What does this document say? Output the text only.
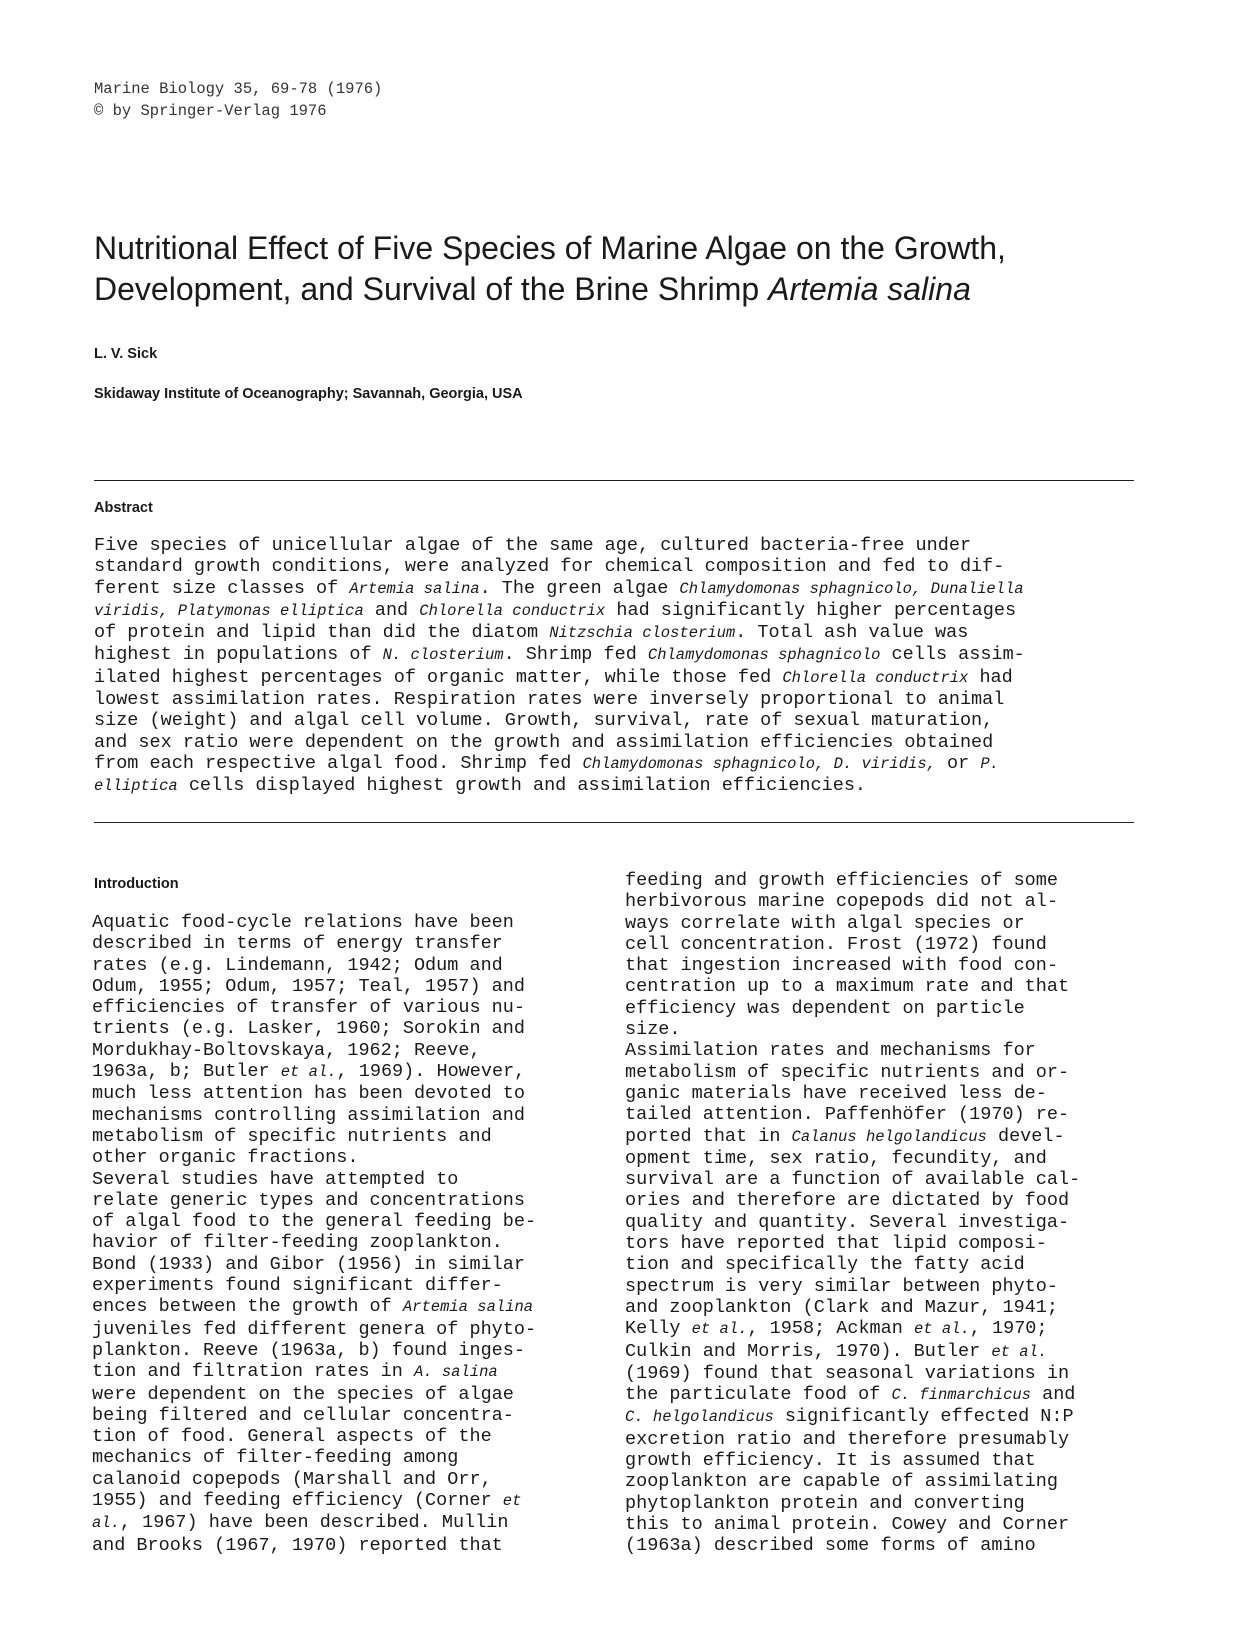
Marine Biology 35, 69-78 (1976)
© by Springer-Verlag 1976
Nutritional Effect of Five Species of Marine Algae on the Growth,
Development, and Survival of the Brine Shrimp Artemia salina
L. V. Sick
Skidaway Institute of Oceanography; Savannah, Georgia, USA
Abstract
Five species of unicellular algae of the same age, cultured bacteria-free under
standard growth conditions, were analyzed for chemical composition and fed to dif-
ferent size classes of Artemia salina. The green algae Chlamydomonas sphagnicolo, Dunaliella
viridis, Platymonas elliptica and Chlorella conductrix had significantly higher percentages
of protein and lipid than did the diatom Nitzschia closterium. Total ash value was
highest in populations of N. closterium. Shrimp fed Chlamydomonas sphagnicolo cells assim-
ilated highest percentages of organic matter, while those fed Chlorella conductrix had
lowest assimilation rates. Respiration rates were inversely proportional to animal
size (weight) and algal cell volume. Growth, survival, rate of sexual maturation,
and sex ratio were dependent on the growth and assimilation efficiencies obtained
from each respective algal food. Shrimp fed Chlamydomonas sphagnicolo, D. viridis, or P.
elliptica cells displayed highest growth and assimilation efficiencies.
Introduction
Aquatic food-cycle relations have been
described in terms of energy transfer
rates (e.g. Lindemann, 1942; Odum and
Odum, 1955; Odum, 1957; Teal, 1957) and
efficiencies of transfer of various nu-
trients (e.g. Lasker, 1960; Sorokin and
Mordukhay-Boltovskaya, 1962; Reeve,
1963a, b; Butler et al., 1969). However,
much less attention has been devoted to
mechanisms controlling assimilation and
metabolism of specific nutrients and
other organic fractions.
Several studies have attempted to
relate generic types and concentrations
of algal food to the general feeding be-
havior of filter-feeding zooplankton.
Bond (1933) and Gibor (1956) in similar
experiments found significant differ-
ences between the growth of Artemia salina
juveniles fed different genera of phyto-
plankton. Reeve (1963a, b) found inges-
tion and filtration rates in A. salina
were dependent on the species of algae
being filtered and cellular concentra-
tion of food. General aspects of the
mechanics of filter-feeding among
calanoid copepods (Marshall and Orr,
1955) and feeding efficiency (Corner et
al., 1967) have been described. Mullin
and Brooks (1967, 1970) reported that
feeding and growth efficiencies of some
herbivorous marine copepods did not al-
ways correlate with algal species or
cell concentration. Frost (1972) found
that ingestion increased with food con-
centration up to a maximum rate and that
efficiency was dependent on particle
size.
Assimilation rates and mechanisms for
metabolism of specific nutrients and or-
ganic materials have received less de-
tailed attention. Paffenhöfer (1970) re-
ported that in Calanus helgolandicus devel-
opment time, sex ratio, fecundity, and
survival are a function of available cal-
ories and therefore are dictated by food
quality and quantity. Several investiga-
tors have reported that lipid composi-
tion and specifically the fatty acid
spectrum is very similar between phyto-
and zooplankton (Clark and Mazur, 1941;
Kelly et al., 1958; Ackman et al., 1970;
Culkin and Morris, 1970). Butler et al.
(1969) found that seasonal variations in
the particulate food of C. finmarchicus and
C. helgolandicus significantly effected N:P
excretion ratio and therefore presumably
growth efficiency. It is assumed that
zooplankton are capable of assimilating
phytoplankton protein and converting
this to animal protein. Cowey and Corner
(1963a) described some forms of amino
